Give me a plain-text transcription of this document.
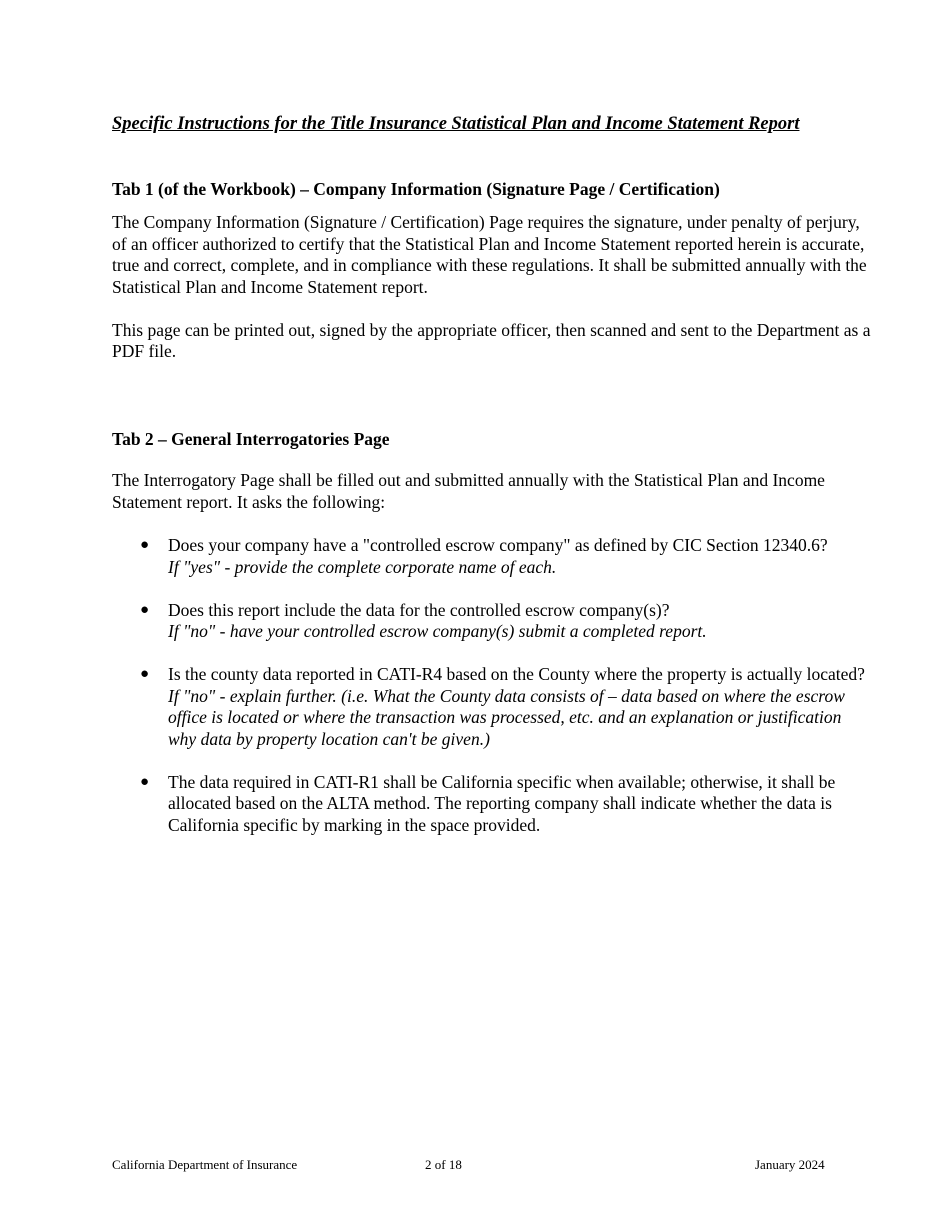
Specific Instructions for the Title Insurance Statistical Plan and Income Statement Report

Tab 1 (of the Workbook) – Company Information (Signature Page / Certification)

The Company Information (Signature / Certification) Page requires the signature, under penalty of perjury, of an officer authorized to certify that the Statistical Plan and Income Statement reported herein is accurate, true and correct, complete, and in compliance with these regulations. It shall be submitted annually with the Statistical Plan and Income Statement report.

This page can be printed out, signed by the appropriate officer, then scanned and sent to the Department as a PDF file.

Tab 2 – General Interrogatories Page

The Interrogatory Page shall be filled out and submitted annually with the Statistical Plan and Income Statement report. It asks the following:

● Does your company have a "controlled escrow company" as defined by CIC Section 12340.6?
If "yes" - provide the complete corporate name of each.
● Does this report include the data for the controlled escrow company(s)?
If "no" - have your controlled escrow company(s) submit a completed report.
● Is the county data reported in CATI-R4 based on the County where the property is actually located?
If "no" - explain further. (i.e. What the County data consists of – data based on where the escrow office is located or where the transaction was processed, etc. and an explanation or justification why data by property location can't be given.)
● The data required in CATI-R1 shall be California specific when available; otherwise, it shall be allocated based on the ALTA method. The reporting company shall indicate whether the data is California specific by marking in the space provided.
California Department of Insurance	2 of 18	January 2024
